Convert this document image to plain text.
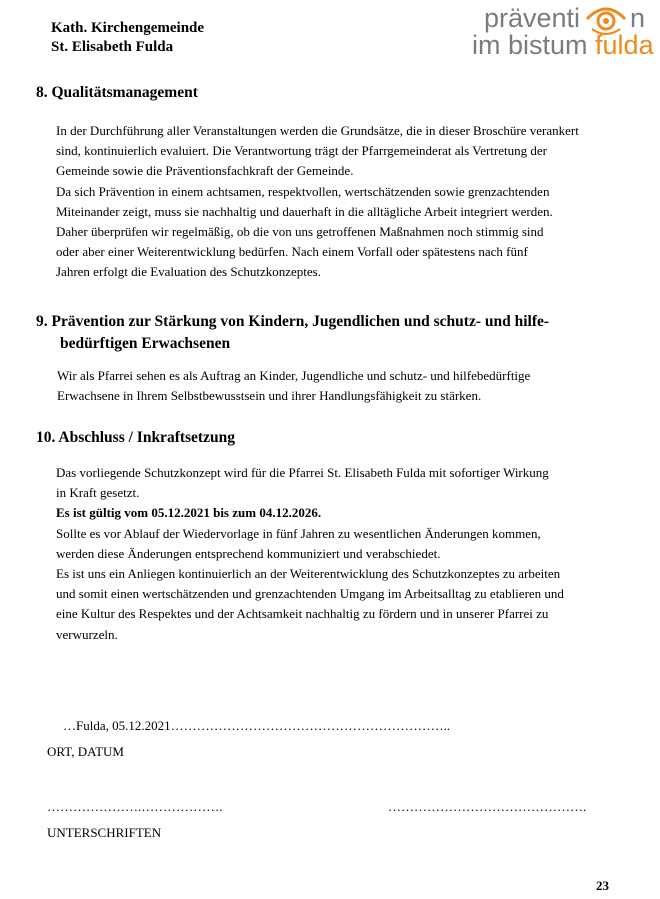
Kath. Kirchengemeinde
St. Elisabeth Fulda
präventi n
im bistum fulda
8. Qualitätsmanagement
In der Durchführung aller Veranstaltungen werden die Grundsätze, die in dieser Broschüre verankert
sind, kontinuierlich evaluiert. Die Verantwortung trägt der Pfarrgemeinderat als Vertretung der
Gemeinde sowie die Präventionsfachkraft der Gemeinde.
Da sich Prävention in einem achtsamen, respektvollen, wertschätzenden sowie grenzachtenden
Miteinander zeigt, muss sie nachhaltig und dauerhaft in die alltägliche Arbeit integriert werden.
Daher überprüfen wir regelmäßig, ob die von uns getroffenen Maßnahmen noch stimmig sind
oder aber einer Weiterentwicklung bedürfen. Nach einem Vorfall oder spätestens nach fünf
Jahren erfolgt die Evaluation des Schutzkonzeptes.
9. Prävention zur Stärkung von Kindern, Jugendlichen und schutz- und hilfe-
bedürftigen Erwachsenen
Wir als Pfarrei sehen es als Auftrag an Kinder, Jugendliche und schutz- und hilfebedürftige
Erwachsene in Ihrem Selbstbewusstsein und ihrer Handlungsfähigkeit zu stärken.
10. Abschluss / Inkraftsetzung
Das vorliegende Schutzkonzept wird für die Pfarrei St. Elisabeth Fulda mit sofortiger Wirkung
in Kraft gesetzt.
Es ist gültig vom 05.12.2021 bis zum 04.12.2026.
Sollte es vor Ablauf der Wiedervorlage in fünf Jahren zu wesentlichen Änderungen kommen,
werden diese Änderungen entsprechend kommuniziert und verabschiedet.
Es ist uns ein Anliegen kontinuierlich an der Weiterentwicklung des Schutzkonzeptes zu arbeiten
und somit einen wertschätzenden und grenzachtenden Umgang im Arbeitsalltag zu etablieren und
eine Kultur des Respektes und der Achtsamkeit nachhaltig zu fördern und in unserer Pfarrei zu
verwurzeln.
…Fulda, 05.12.2021………………………………………………………..
ORT, DATUM
………………….……………….	……………………………………….
UNTERSCHRIFTEN
23
